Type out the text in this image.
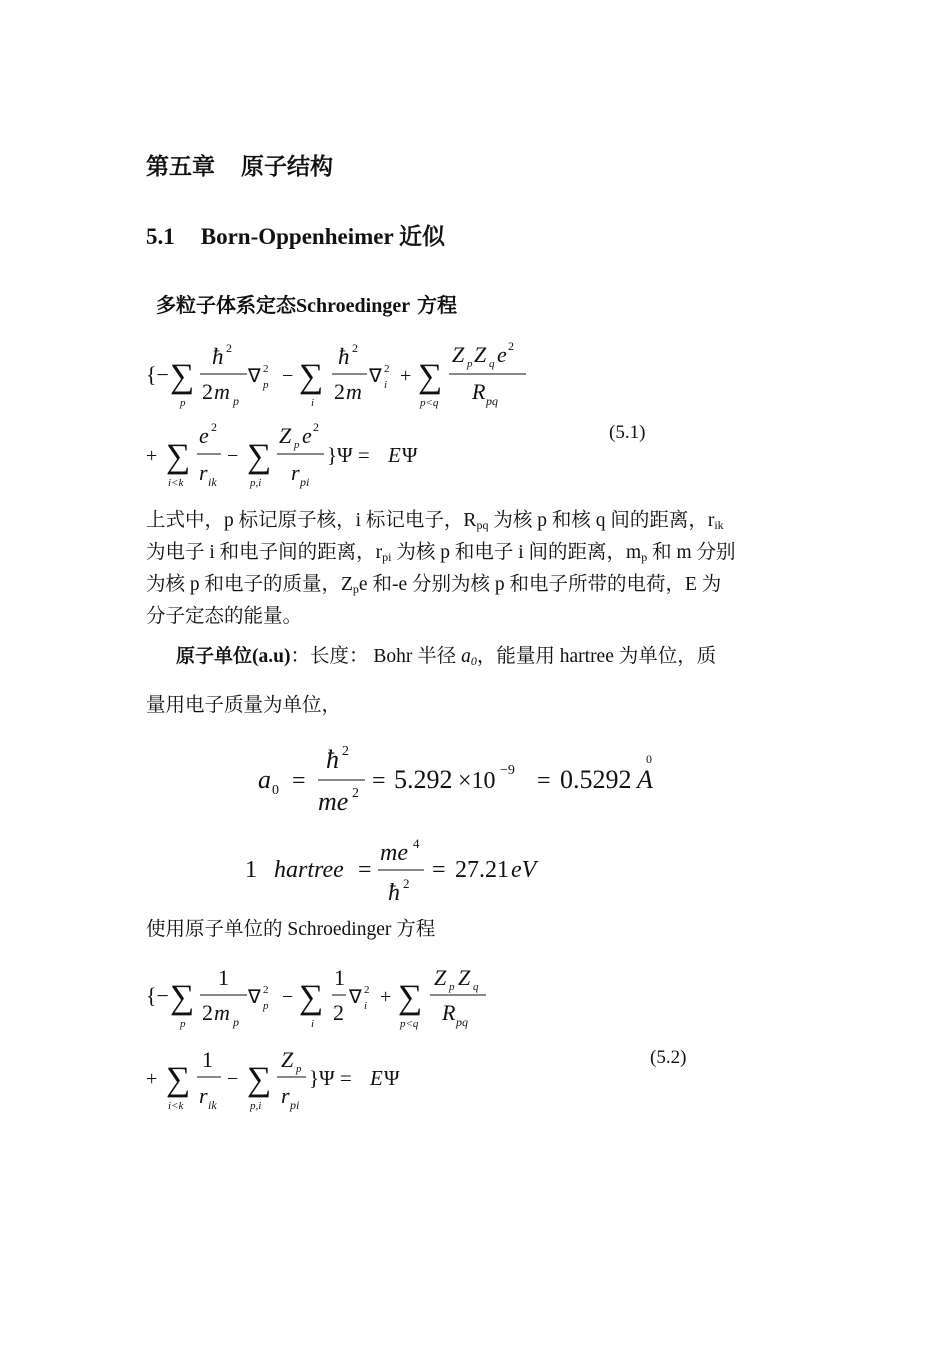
第五章 原子结构
5.1 Born-Oppenheimer 近似
多粒子体系定态Schroedinger 方程
{− ∑
p
ħ 2
2 m p
∇ 2
p − ∑
i
ħ 2
2 m
∇ 2
i + ∑
p<q
Z p Z q e 2
R pq
+ ∑
i<k
e 2
r ik
− ∑
p,i
Z p e 2
r pi
}Ψ = E Ψ
a 0 =
ħ 2
me 2 = 5.292 ×10 −9 = 0.5292
0
A
1 hartree =
me 4
ħ 2
= 27.21 eV
{− ∑
p
1
2 m p
∇ 2
p − ∑
i
1
2
∇ 2
i + ∑
p<q
Z p Z q
R pq
+ ∑
i<k
1
r ik
− ∑
p,i
Z p
r pi
}Ψ = E Ψ
(5.1)
(5.2)

上式中，p 标记原子核，i 标记电子，$R_{pq}$ 为核 p 和核 q 间的距离，$r_{ik}$

为电子 i 和电子间的距离，$r_{pi}$ 为核 p 和电子 i 间的距离，$m_p$ 和 m 分别

为核 p 和电子的质量，$Z_pe$ 和-e 分别为核 p 和电子所带的电荷，E 为

分子定态的能量。

原子单位(a.u)：长度： Bohr 半径 $a_0$，能量用 hartree 为单位，质

量用电子质量为单位，

使用原子单位的 Schroedinger 方程
